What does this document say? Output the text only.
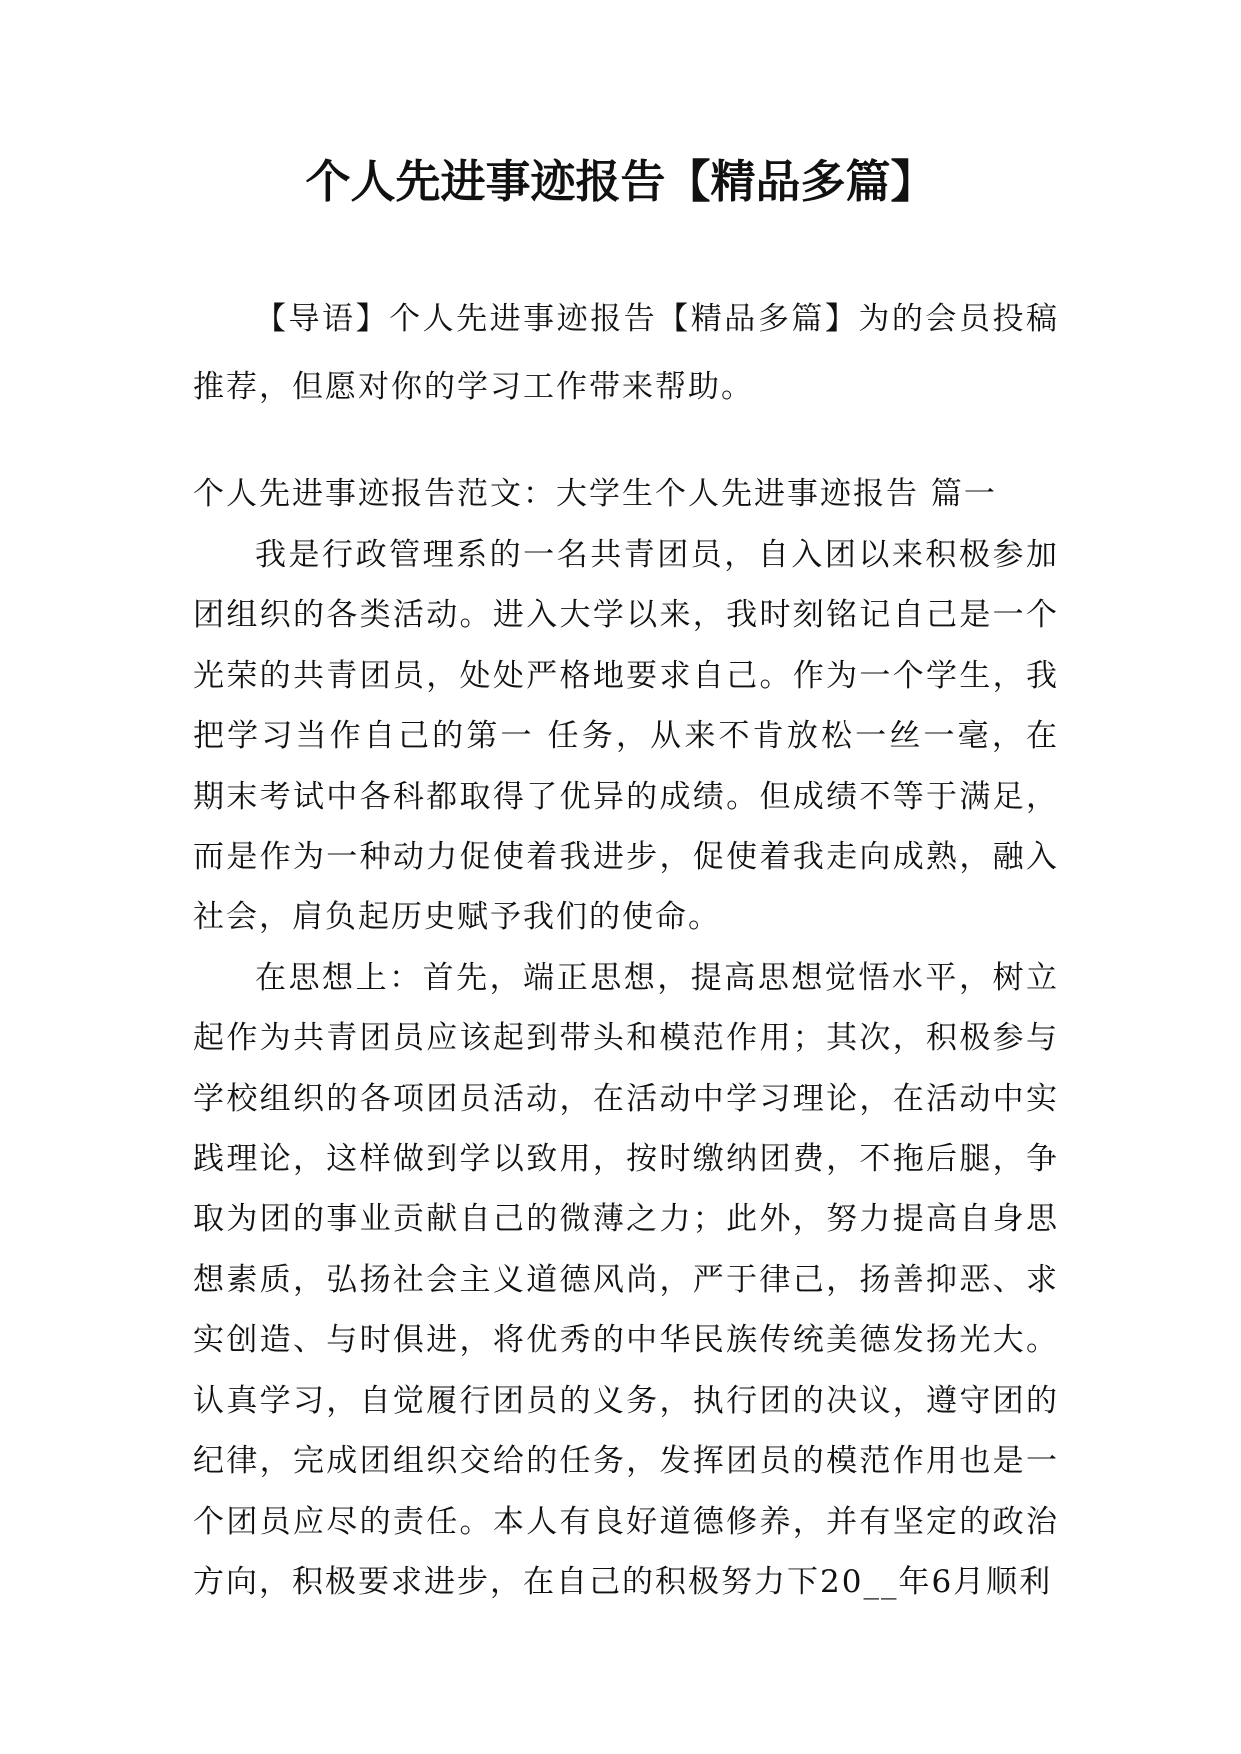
个人先进事迹报告【精品多篇】

【导语】个人先进事迹报告【精品多篇】为的会员投稿推荐，但愿对你的学习工作带来帮助。

个人先进事迹报告范文：大学生个人先进事迹报告 篇一

我是行政管理系的一名共青团员，自入团以来积极参加团组织的各类活动。进入大学以来，我时刻铭记自己是一个光荣的共青团员，处处严格地要求自己。作为一个学生，我把学习当作自己的第一 任务，从来不肯放松一丝一毫，在期末考试中各科都取得了优异的成绩。但成绩不等于满足，而是作为一种动力促使着我进步，促使着我走向成熟，融入社会，肩负起历史赋予我们的使命。

在思想上：首先，端正思想，提高思想觉悟水平，树立起作为共青团员应该起到带头和模范作用；其次，积极参与学校组织的各项团员活动，在活动中学习理论，在活动中实践理论，这样做到学以致用，按时缴纳团费，不拖后腿，争取为团的事业贡献自己的微薄之力；此外，努力提高自身思想素质，弘扬社会主义道德风尚，严于律己，扬善抑恶、求实创造、与时俱进，将优秀的中华民族传统美德发扬光大。认真学习，自觉履行团员的义务，执行团的决议，遵守团的纪律，完成团组织交给的任务，发挥团员的模范作用也是一个团员应尽的责任。本人有良好道德修养，并有坚定的政治方向，积极要求进步，在自己的积极努力下20__年6月顺利
